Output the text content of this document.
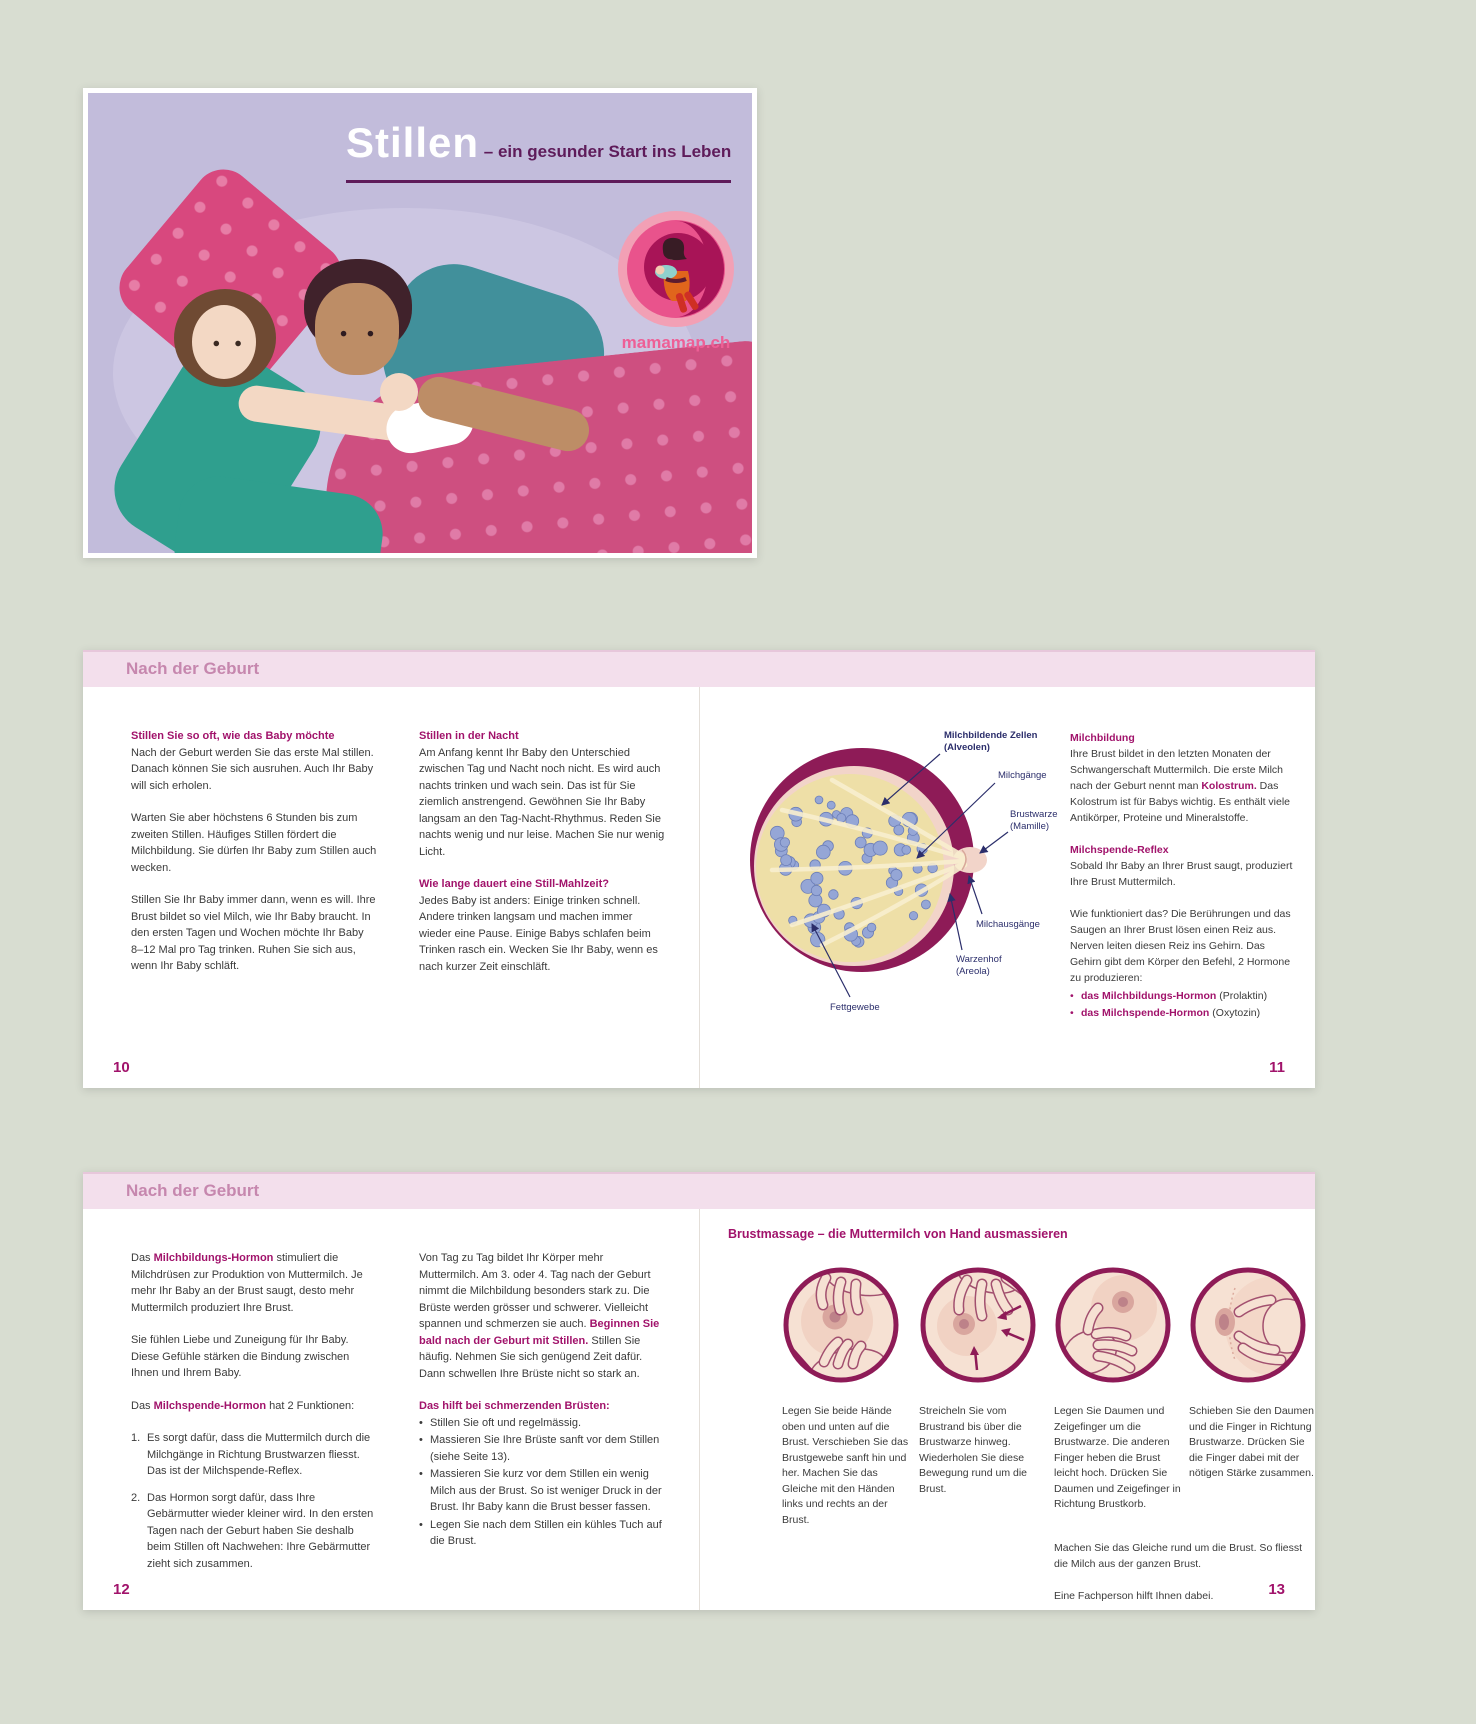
Stillen – ein gesunder Start ins Leben
mamamap.ch
Nach der Geburt
Stillen Sie so oft, wie das Baby möchte

Nach der Geburt werden Sie das erste Mal stillen. Danach können Sie sich ausruhen. Auch Ihr Baby will sich erholen.

Warten Sie aber höchstens 6 Stunden bis zum zweiten Stillen. Häufiges Stillen fördert die Milchbildung. Sie dürfen Ihr Baby zum Stillen auch wecken.

Stillen Sie Ihr Baby immer dann, wenn es will. Ihre Brust bildet so viel Milch, wie Ihr Baby braucht. In den ersten Tagen und Wochen möchte Ihr Baby 8–12 Mal pro Tag trinken. Ruhen Sie sich aus, wenn Ihr Baby schläft.

Stillen in der Nacht

Am Anfang kennt Ihr Baby den Unterschied zwischen Tag und Nacht noch nicht. Es wird auch nachts trinken und wach sein. Das ist für Sie ziemlich anstrengend. Gewöhnen Sie Ihr Baby langsam an den Tag-Nacht-Rhythmus. Reden Sie nachts wenig und nur leise. Machen Sie nur wenig Licht.

Wie lange dauert eine Still-Mahlzeit?

Jedes Baby ist anders: Einige trinken schnell. Andere trinken langsam und machen immer wieder eine Pause. Einige Babys schlafen beim Trinken rasch ein. Wecken Sie Ihr Baby, wenn es nach kurzer Zeit einschläft.

10
Milchbildende Zellen
(Alveolen)
Milchgänge
Brustwarze
(Mamille)
Milchausgänge
Warzenhof
(Areola)
Fettgewebe
Milchbildung

Ihre Brust bildet in den letzten Monaten der Schwangerschaft Muttermilch. Die erste Milch nach der Geburt nennt man Kolostrum. Das Kolostrum ist für Babys wichtig. Es enthält viele Antikörper, Proteine und Mineralstoffe.

Milchspende-Reflex

Sobald Ihr Baby an Ihrer Brust saugt, produziert Ihre Brust Muttermilch.

Wie funktioniert das? Die Berührungen und das Saugen an Ihrer Brust lösen einen Reiz aus. Nerven leiten diesen Reiz ins Gehirn. Das Gehirn gibt dem Körper den Befehl, 2 Hormone zu produzieren:

• das Milchbildungs-Hormon (Prolaktin)
• das Milchspende-Hormon (Oxytozin)
11
Nach der Geburt

Das Milchbildungs-Hormon stimuliert die Milchdrüsen zur Produktion von Muttermilch. Je mehr Ihr Baby an der Brust saugt, desto mehr Muttermilch produziert Ihre Brust.

Sie fühlen Liebe und Zuneigung für Ihr Baby. Diese Gefühle stärken die Bindung zwischen Ihnen und Ihrem Baby.

Das Milchspende-Hormon hat 2 Funktionen:

1. Es sorgt dafür, dass die Muttermilch durch die Milchgänge in Richtung Brustwarzen fliesst. Das ist der Milchspende-Reflex.
2. Das Hormon sorgt dafür, dass Ihre Gebärmutter wieder kleiner wird. In den ersten Tagen nach der Geburt haben Sie deshalb beim Stillen oft Nachwehen: Ihre Gebärmutter zieht sich zusammen.

Von Tag zu Tag bildet Ihr Körper mehr Muttermilch. Am 3. oder 4. Tag nach der Geburt nimmt die Milchbildung besonders stark zu. Die Brüste werden grösser und schwerer. Vielleicht spannen und schmerzen sie auch. Beginnen Sie bald nach der Geburt mit Stillen. Stillen Sie häufig. Nehmen Sie sich genügend Zeit dafür. Dann schwellen Ihre Brüste nicht so stark an.

Das hilft bei schmerzenden Brüsten:
• Stillen Sie oft und regelmässig.
• Massieren Sie Ihre Brüste sanft vor dem Stillen (siehe Seite 13).
• Massieren Sie kurz vor dem Stillen ein wenig Milch aus der Brust. So ist weniger Druck in der Brust. Ihr Baby kann die Brust besser fassen.
• Legen Sie nach dem Stillen ein kühles Tuch auf die Brust.
12
Brustmassage – die Muttermilch von Hand ausmassieren
Legen Sie beide Hände oben und unten auf die Brust. Verschieben Sie das Brustgewebe sanft hin und her. Machen Sie das Gleiche mit den Händen links und rechts an der Brust.
Streicheln Sie vom Brustrand bis über die Brustwarze hinweg. Wiederholen Sie diese Bewegung rund um die Brust.
Legen Sie Daumen und Zeigefinger um die Brustwarze. Die anderen Finger heben die Brust leicht hoch. Drücken Sie Daumen und Zeigefinger in Richtung Brustkorb.
Schieben Sie den Daumen und die Finger in Richtung Brustwarze. Drücken Sie die Finger dabei mit der nötigen Stärke zusammen.

Machen Sie das Gleiche rund um die Brust. So fliesst die Milch aus der ganzen Brust.

Eine Fachperson hilft Ihnen dabei.	13
